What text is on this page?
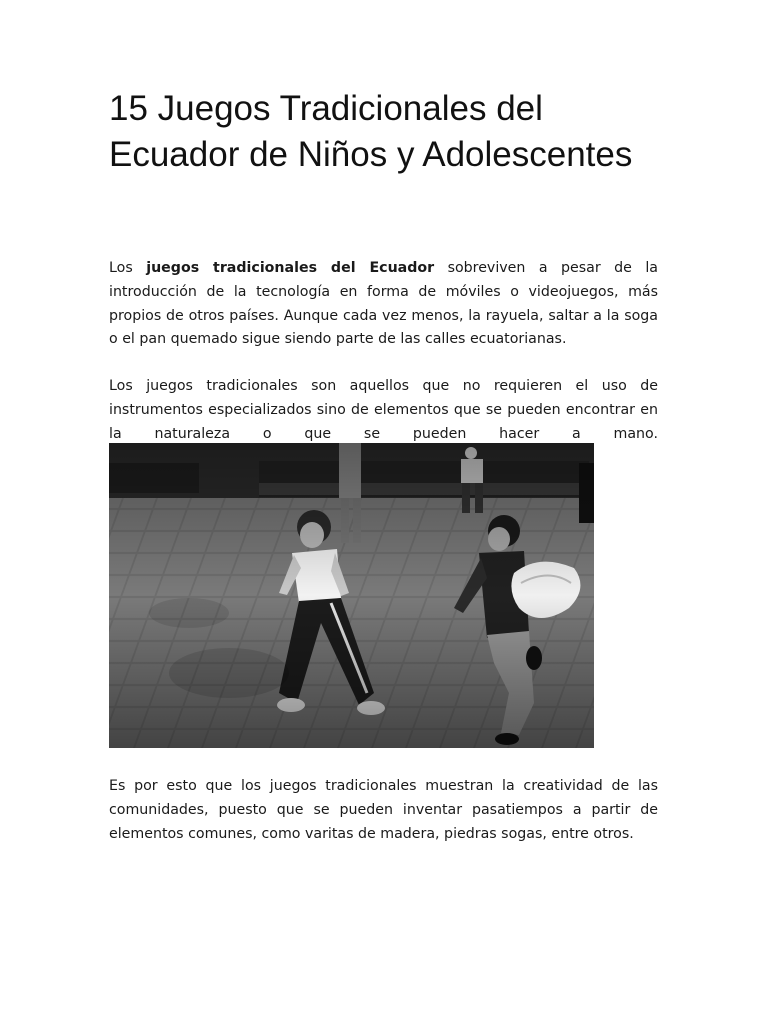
15 Juegos Tradicionales del Ecuador de Niños y Adolescentes

Los juegos tradicionales del Ecuador sobreviven a pesar de la introducción de la tecnología en forma de móviles o videojuegos, más propios de otros países. Aunque cada vez menos, la rayuela, saltar a la soga o el pan quemado sigue siendo parte de las calles ecuatorianas.

Los juegos tradicionales son aquellos que no requieren el uso de instrumentos especializados sino de elementos que se pueden encontrar en la naturaleza o que se pueden hacer a mano.

Es por esto que los juegos tradicionales muestran la creatividad de las comunidades, puesto que se pueden inventar pasatiempos a partir de elementos comunes, como varitas de madera, piedras sogas, entre otros.
